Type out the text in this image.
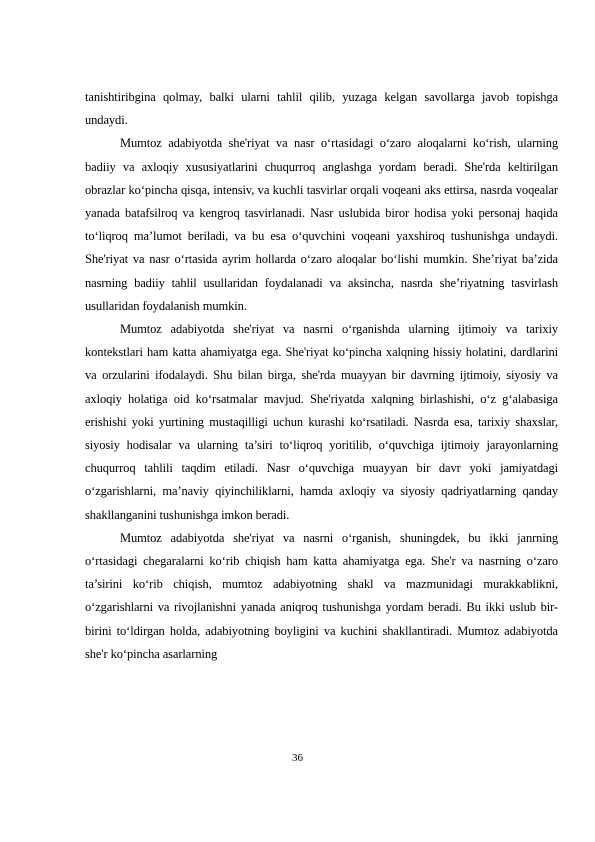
tanishtiribgina qolmay, balki ularni tahlil qilib, yuzaga kelgan savollarga javob topishga undaydi.

Mumtoz adabiyotda she'riyat va nasr o‘rtasidagi o‘zaro aloqalarni ko‘rish, ularning badiiy va axloqiy xususiyatlarini chuqurroq anglashga yordam beradi. She'rda keltirilgan obrazlar ko‘pincha qisqa, intensiv, va kuchli tasvirlar orqali voqeani aks ettirsa, nasrda voqealar yanada batafsilroq va kengroq tasvirlanadi. Nasr uslubida biror hodisa yoki personaj haqida to‘liqroq ma’lumot beriladi, va bu esa o‘quvchini voqeani yaxshiroq tushunishga undaydi. She'riyat va nasr o‘rtasida ayrim hollarda o‘zaro aloqalar bo‘lishi mumkin. She’riyat ba’zida nasrning badiiy tahlil usullaridan foydalanadi va aksincha, nasrda she’riyatning tasvirlash usullaridan foydalanish mumkin.

Mumtoz adabiyotda she'riyat va nasrni o‘rganishda ularning ijtimoiy va tarixiy kontekstlari ham katta ahamiyatga ega. She'riyat ko‘pincha xalqning hissiy holatini, dardlarini va orzularini ifodalaydi. Shu bilan birga, she'rda muayyan bir davrning ijtimoiy, siyosiy va axloqiy holatiga oid ko‘rsatmalar mavjud. She'riyatda xalqning birlashishi, o‘z g‘alabasiga erishishi yoki yurtining mustaqilligi uchun kurashi ko‘rsatiladi. Nasrda esa, tarixiy shaxslar, siyosiy hodisalar va ularning ta’siri to‘liqroq yoritilib, o‘quvchiga ijtimoiy jarayonlarning chuqurroq tahlili taqdim etiladi. Nasr o‘quvchiga muayyan bir davr yoki jamiyatdagi o‘zgarishlarni, ma’naviy qiyinchiliklarni, hamda axloqiy va siyosiy qadriyatlarning qanday shakllanganini tushunishga imkon beradi.

Mumtoz adabiyotda she'riyat va nasrni o‘rganish, shuningdek, bu ikki janrning o‘rtasidagi chegaralarni ko‘rib chiqish ham katta ahamiyatga ega. She'r va nasrning o‘zaro ta’sirini ko‘rib chiqish, mumtoz adabiyotning shakl va mazmunidagi murakkablikni, o‘zgarishlarni va rivojlanishni yanada aniqroq tushunishga yordam beradi. Bu ikki uslub bir-birini to‘ldirgan holda, adabiyotning boyligini va kuchini shakllantiradi. Mumtoz adabiyotda she'r ko‘pincha asarlarning

36
